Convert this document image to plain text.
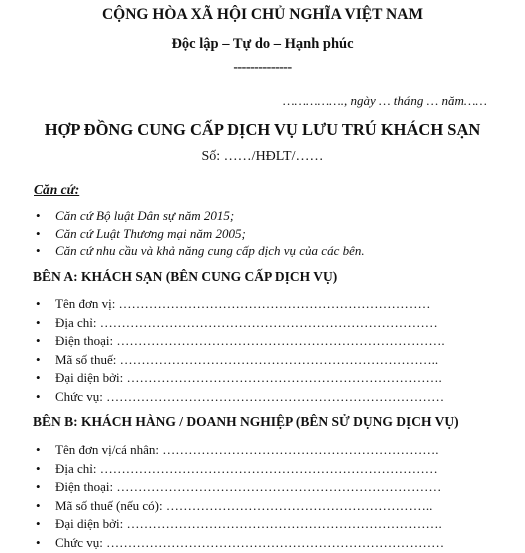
CỘNG HÒA XÃ HỘI CHỦ NGHĨA VIỆT NAM
Độc lập – Tự do – Hạnh phúc
--------------
……………., ngày … tháng … năm……
HỢP ĐỒNG CUNG CẤP DỊCH VỤ LƯU TRÚ KHÁCH SẠN
Số: ……/HĐLT/……
Căn cứ:
• Căn cứ Bộ luật Dân sự năm 2015;
• Căn cứ Luật Thương mại năm 2005;
• Căn cứ nhu cầu và khả năng cung cấp dịch vụ của các bên.
BÊN A: KHÁCH SẠN (BÊN CUNG CẤP DỊCH VỤ)
• Tên đơn vị: ………………………………………………………………
• Địa chỉ: ……………………………………………………………………
• Điện thoại: ………………………………………………………………….
• Mã số thuế: ………………………………………………………………..
• Đại diện bởi: ……………………………………………………………….
• Chức vụ: ……………………………………………………………………
BÊN B: KHÁCH HÀNG / DOANH NGHIỆP (BÊN SỬ DỤNG DỊCH VỤ)
• Tên đơn vị/cá nhân: ……………………………………………………….
• Địa chỉ: ……………………………………………………………………
• Điện thoại: …………………………………………………………………
• Mã số thuế (nếu có): ……………………………………………………..
• Đại diện bởi: ……………………………………………………………….
• Chức vụ: ……………………………………………………………………
